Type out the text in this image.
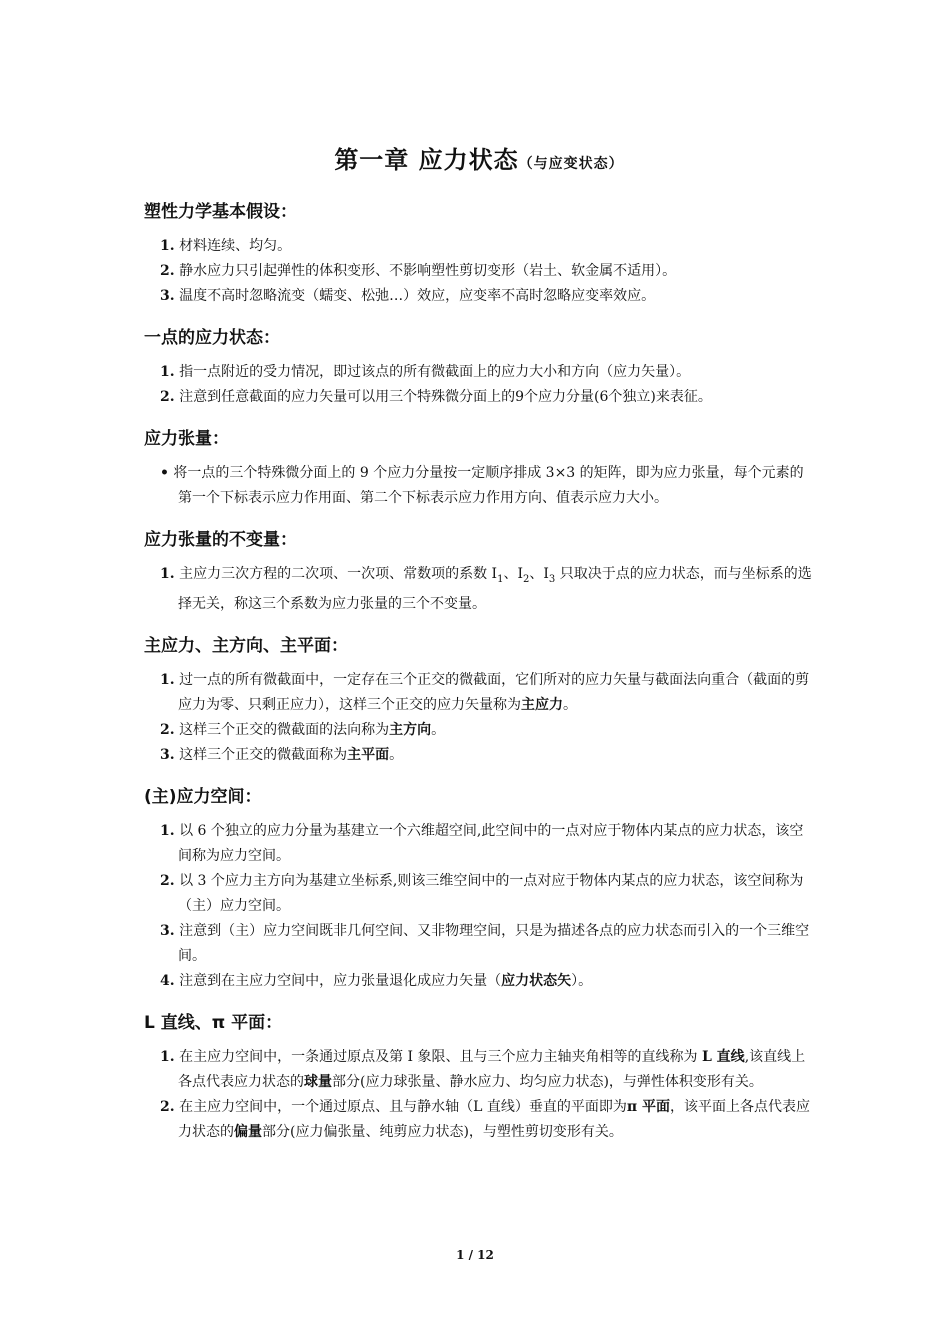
第一章 应力状态（与应变状态）
塑性力学基本假设：

1. 材料连续、均匀。

2. 静水应力只引起弹性的体积变形、不影响塑性剪切变形（岩土、软金属不适用）。

3. 温度不高时忽略流变（蠕变、松弛…）效应，应变率不高时忽略应变率效应。

一点的应力状态：

1. 指一点附近的受力情况，即过该点的所有微截面上的应力大小和方向（应力矢量）。

2. 注意到任意截面的应力矢量可以用三个特殊微分面上的9个应力分量(6个独立)来表征。

应力张量：

• 将一点的三个特殊微分面上的 9 个应力分量按一定顺序排成 3×3 的矩阵，即为应力张量，每个元素的第一个下标表示应力作用面、第二个下标表示应力作用方向、值表示应力大小。

应力张量的不变量：

1. 主应力三次方程的二次项、一次项、常数项的系数 $I_1$、$I_2$、$I_3$ 只取决于点的应力状态，而与坐标系的选择无关，称这三个系数为应力张量的三个不变量。

主应力、主方向、主平面：

1. 过一点的所有微截面中，一定存在三个正交的微截面，它们所对的应力矢量与截面法向重合（截面的剪应力为零、只剩正应力），这样三个正交的应力矢量称为主应力。

2. 这样三个正交的微截面的法向称为主方向。

3. 这样三个正交的微截面称为主平面。

(主)应力空间：

1. 以 6 个独立的应力分量为基建立一个六维超空间,此空间中的一点对应于物体内某点的应力状态，该空间称为应力空间。

2. 以 3 个应力主方向为基建立坐标系,则该三维空间中的一点对应于物体内某点的应力状态，该空间称为（主）应力空间。

3. 注意到（主）应力空间既非几何空间、又非物理空间，只是为描述各点的应力状态而引入的一个三维空间。

4. 注意到在主应力空间中，应力张量退化成应力矢量（应力状态矢）。

L 直线、π 平面：

1. 在主应力空间中，一条通过原点及第 Ⅰ 象限、且与三个应力主轴夹角相等的直线称为 L 直线,该直线上各点代表应力状态的球量部分(应力球张量、静水应力、均匀应力状态)，与弹性体积变形有关。

2. 在主应力空间中，一个通过原点、且与静水轴（L 直线）垂直的平面即为π 平面，该平面上各点代表应力状态的偏量部分(应力偏张量、纯剪应力状态)，与塑性剪切变形有关。

1 / 12
